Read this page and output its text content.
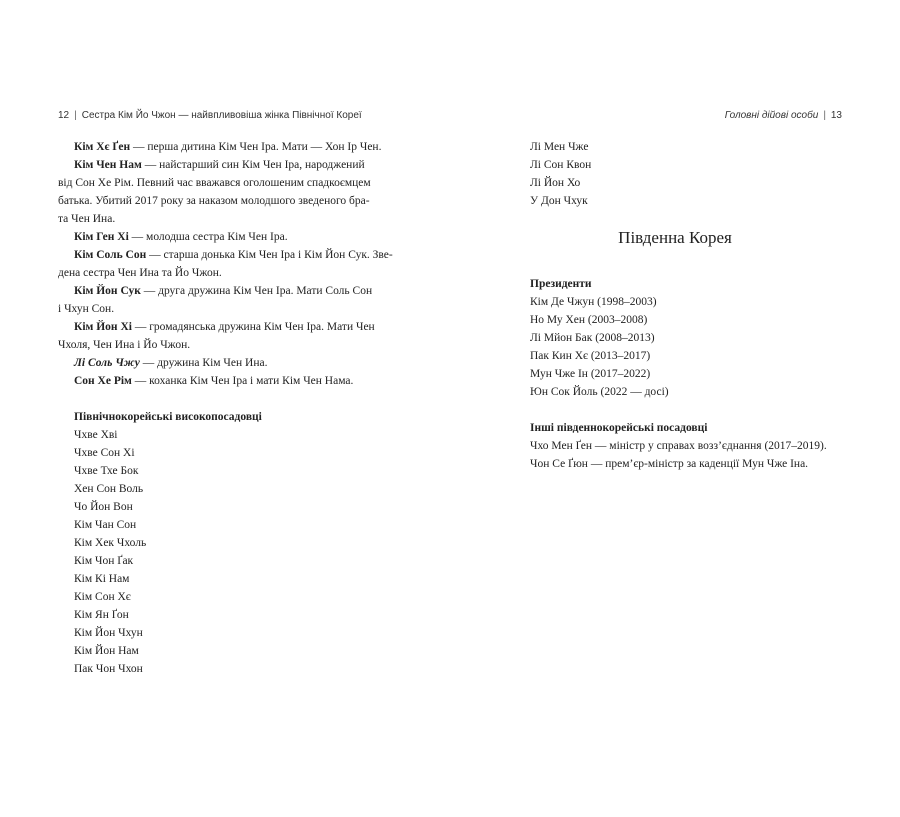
12 | Сестра Кім Йо Чжон — найвпливовіша жінка Північної Кореї
Кім Хє Ґен — перша дитина Кім Чен Іра. Мати — Хон Ір Чен.
Кім Чен Нам — найстарший син Кім Чен Іра, народжений
від Сон Хе Рім. Певний час вважався оголошеним спадкоємцем
батька. Убитий 2017 року за наказом молодшого зведеного бра-
та Чен Ина.
Кім Ген Хі — молодша сестра Кім Чен Іра.
Кім Соль Сон — старша донька Кім Чен Іра і Кім Йон Сук. Зве-
дена сестра Чен Ина та Йо Чжон.
Кім Йон Сук — друга дружина Кім Чен Іра. Мати Соль Сон
і Чхун Сон.
Кім Йон Хі — громадянська дружина Кім Чен Іра. Мати Чен
Чхоля, Чен Ина і Йо Чжон.
Лі Соль Чжу — дружина Кім Чен Ина.
Сон Хе Рім — коханка Кім Чен Іра і мати Кім Чен Нама.
Північнокорейські високопосадовці
Чхве Хві
Чхве Сон Хі
Чхве Тхе Бок
Хен Сон Воль
Чо Йон Вон
Кім Чан Сон
Кім Хек Чхоль
Кім Чон Ґак
Кім Кі Нам
Кім Сон Хє
Кім Ян Ґон
Кім Йон Чхун
Кім Йон Нам
Пак Чон Чхон
Головні дійові особи | 13
Лі Мен Чже
Лі Сон Квон
Лі Йон Хо
У Дон Чхук
Південна Корея
Президенти
Кім Де Чжун (1998–2003)
Но Му Хен (2003–2008)
Лі Мйон Бак (2008–2013)
Пак Кин Хє (2013–2017)
Мун Чже Ін (2017–2022)
Юн Сок Йоль (2022 — досі)
Інші південнокорейські посадовці
Чхо Мен Ґен — міністр у справах возз’єднання (2017–2019).
Чон Се Ґюн — прем’єр-міністр за каденції Мун Чже Іна.
